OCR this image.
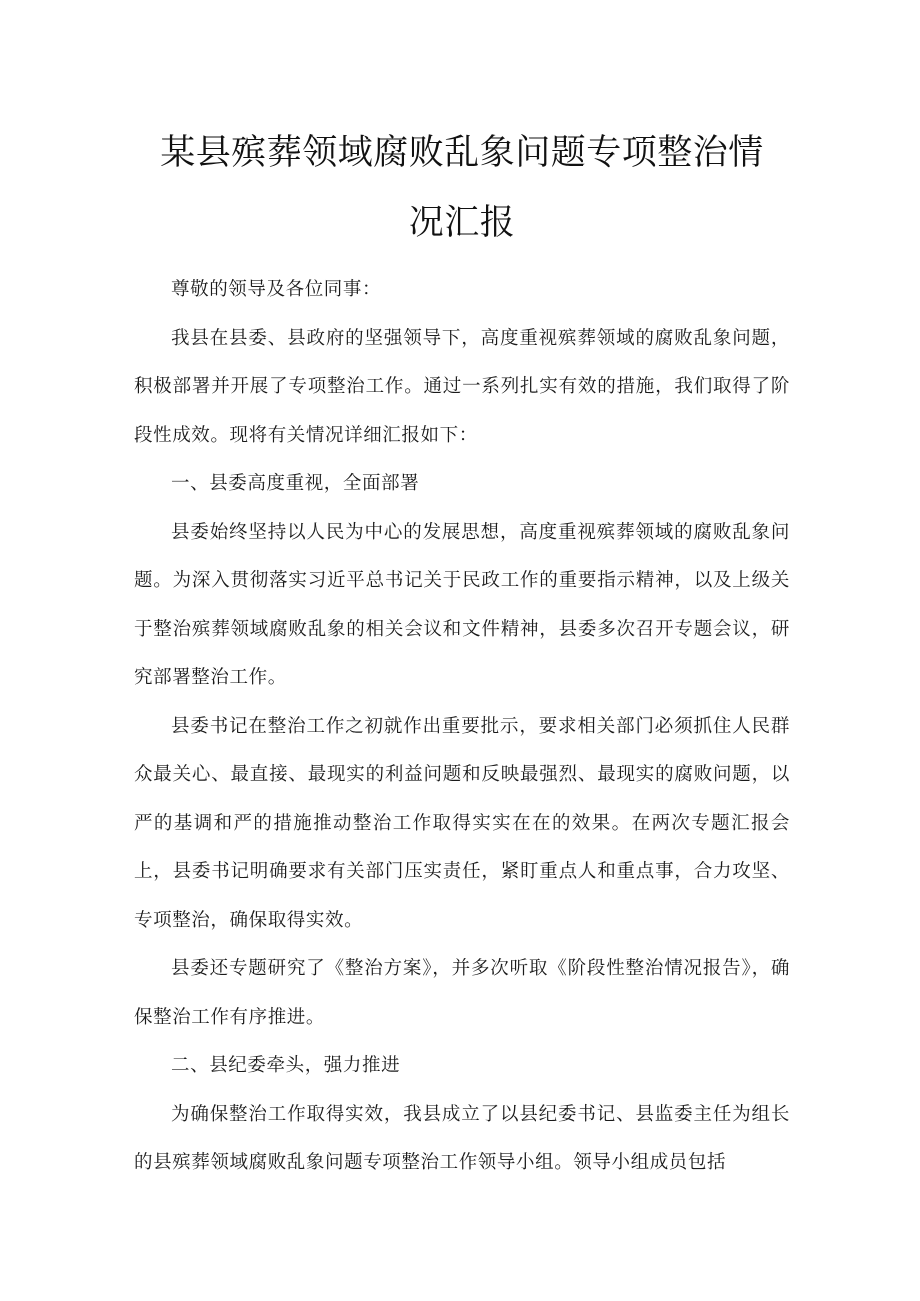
某县殡葬领域腐败乱象问题专项整治情
况汇报

尊敬的领导及各位同事：

我县在县委、县政府的坚强领导下，高度重视殡葬领域的腐败乱象问题，积极部署并开展了专项整治工作。通过一系列扎实有效的措施，我们取得了阶段性成效。现将有关情况详细汇报如下：

一、县委高度重视，全面部署

县委始终坚持以人民为中心的发展思想，高度重视殡葬领域的腐败乱象问题。为深入贯彻落实习近平总书记关于民政工作的重要指示精神，以及上级关于整治殡葬领域腐败乱象的相关会议和文件精神，县委多次召开专题会议，研究部署整治工作。

县委书记在整治工作之初就作出重要批示，要求相关部门必须抓住人民群众最关心、最直接、最现实的利益问题和反映最强烈、最现实的腐败问题，以严的基调和严的措施推动整治工作取得实实在在的效果。在两次专题汇报会上，县委书记明确要求有关部门压实责任，紧盯重点人和重点事，合力攻坚、专项整治，确保取得实效。

县委还专题研究了《整治方案》，并多次听取《阶段性整治情况报告》，确保整治工作有序推进。

二、县纪委牵头，强力推进

为确保整治工作取得实效，我县成立了以县纪委书记、县监委主任为组长的县殡葬领域腐败乱象问题专项整治工作领导小组。领导小组成员包括
